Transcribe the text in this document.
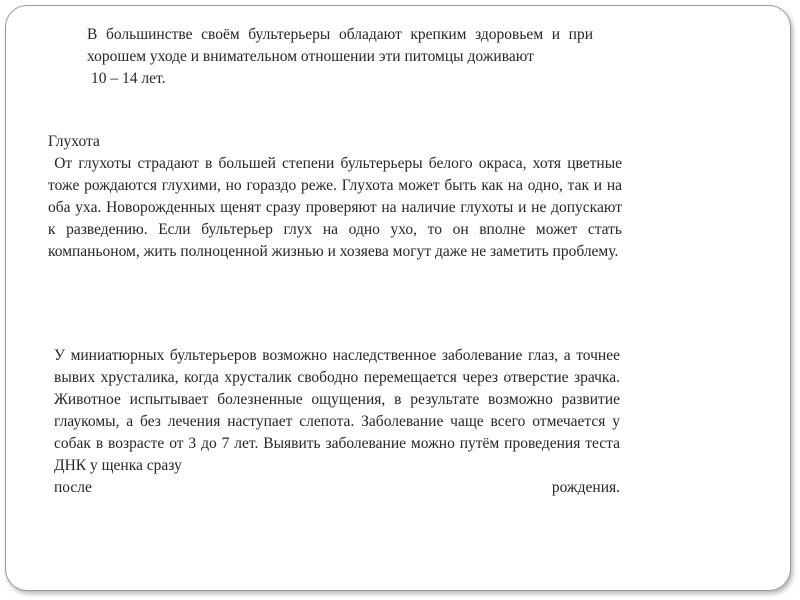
В большинстве своём бультерьеры обладают крепким здоровьем и при хорошем уходе и внимательном отношении эти питомцы доживают
10 – 14 лет.
Глухота
От глухоты страдают в большей степени бультерьеры белого окраса, хотя цветные тоже рождаются глухими, но гораздо реже. Глухота может быть как на одно, так и на оба уха. Новорожденных щенят сразу проверяют на наличие глухоты и не допускают к разведению. Если бультерьер глух на одно ухо, то он вполне может стать компаньоном, жить полноценной жизнью и хозяева могут даже не заметить проблему.
У миниатюрных бультерьеров возможно наследственное заболевание глаз, а точнее вывих хрусталика, когда хрусталик свободно перемещается через отверстие зрачка. Животное испытывает болезненные ощущения, в результате возможно развитие глаукомы, а без лечения наступает слепота. Заболевание чаще всего отмечается у собак в возрасте от 3 до 7 лет. Выявить заболевание можно путём проведения теста ДНК у щенка сразу
после	рождения.
